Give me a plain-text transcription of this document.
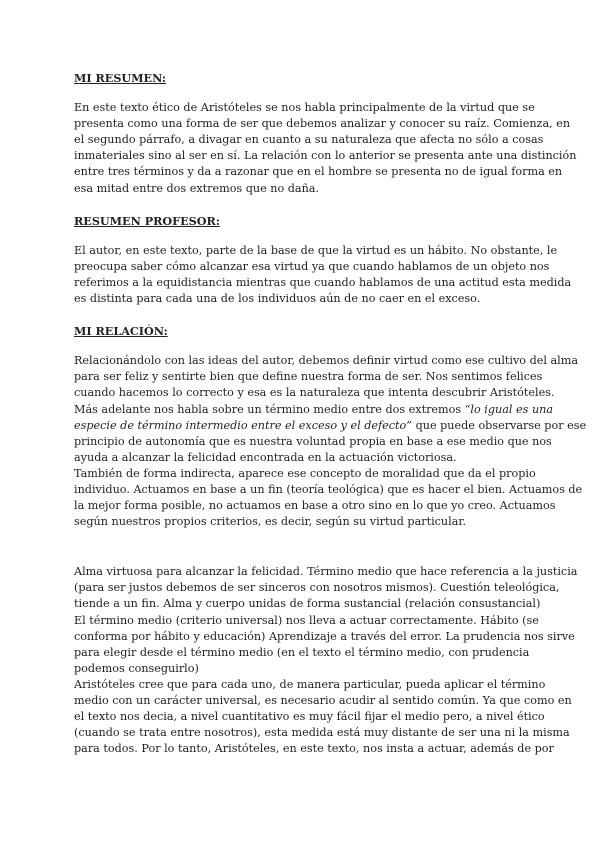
MI RESUMEN:

En este texto ético de Aristóteles se nos habla principalmente de la virtud que se
presenta como una forma de ser que debemos analizar y conocer su raíz. Comienza, en
el segundo párrafo, a divagar en cuanto a su naturaleza que afecta no sólo a cosas
inmateriales sino al ser en sí. La relación con lo anterior se presenta ante una distinción
entre tres términos y da a razonar que en el hombre se presenta no de igual forma en
esa mitad entre dos extremos que no daña.

RESUMEN PROFESOR:

El autor, en este texto, parte de la base de que la virtud es un hábito. No obstante, le
preocupa saber cómo alcanzar esa virtud ya que cuando hablamos de un objeto nos
referimos a la equidistancia mientras que cuando hablamos de una actitud esta medida
es distinta para cada una de los individuos aún de no caer en el exceso.

MI RELACIÓN:

Relacionándolo con las ideas del autor, debemos definir virtud como ese cultivo del alma
para ser feliz y sentirte bien que define nuestra forma de ser. Nos sentimos felices
cuando hacemos lo correcto y esa es la naturaleza que intenta descubrir Aristóteles.
Más adelante nos habla sobre un término medio entre dos extremos “lo igual es una
especie de término intermedio entre el exceso y el defecto” que puede observarse por ese
principio de autonomía que es nuestra voluntad propia en base a ese medio que nos
ayuda a alcanzar la felicidad encontrada en la actuación victoriosa.
También de forma indirecta, aparece ese concepto de moralidad que da el propio
individuo. Actuamos en base a un fin (teoría teológica) que es hacer el bien. Actuamos de
la mejor forma posible, no actuamos en base a otro sino en lo que yo creo. Actuamos
según nuestros propios criterios, es decir, según su virtud particular.

Alma virtuosa para alcanzar la felicidad. Término medio que hace referencia a la justicia
(para ser justos debemos de ser sinceros con nosotros mismos). Cuestión teleológica,
tiende a un fin. Alma y cuerpo unidas de forma sustancial (relación consustancial)
El término medio (criterio universal) nos lleva a actuar correctamente. Hábito (se
conforma por hábito y educación) Aprendizaje a través del error. La prudencia nos sirve
para elegir desde el término medio (en el texto el término medio, con prudencia
podemos conseguirlo)
Aristóteles cree que para cada uno, de manera particular, pueda aplicar el término
medio con un carácter universal, es necesario acudir al sentido común. Ya que como en
el texto nos decia, a nivel cuantitativo es muy fácil fijar el medio pero, a nivel ético
(cuando se trata entre nosotros), esta medida está muy distante de ser una ni la misma
para todos. Por lo tanto, Aristóteles, en este texto, nos insta a actuar, además de por
